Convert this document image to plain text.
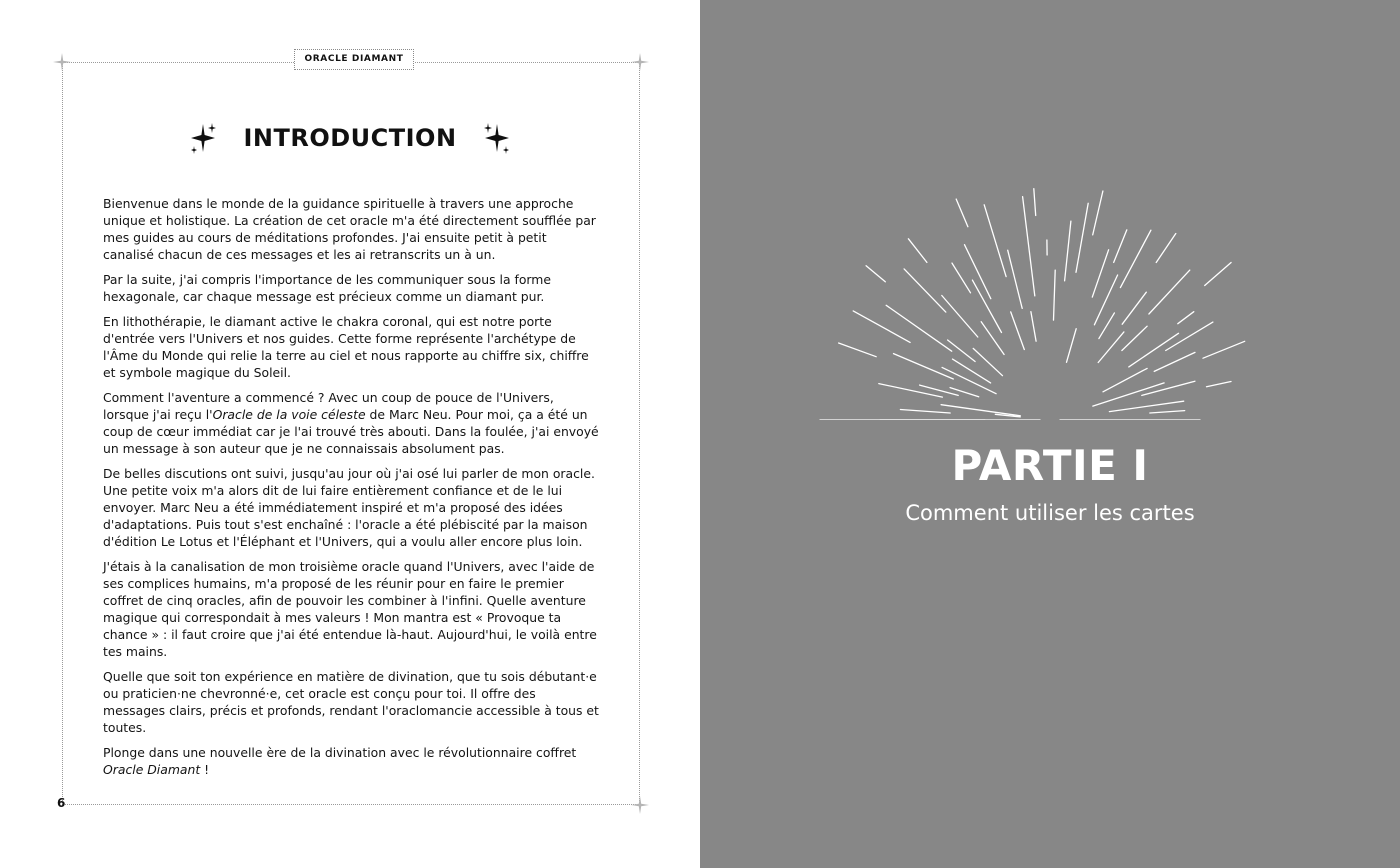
ORACLE DIAMANT
INTRODUCTION

Bienvenue dans le monde de la guidance spirituelle à travers une approche unique et holistique. La création de cet oracle m'a été directement soufflée par mes guides au cours de méditations profondes. J'ai ensuite petit à petit canalisé chacun de ces messages et les ai retranscrits un à un.

Par la suite, j'ai compris l'importance de les communiquer sous la forme hexagonale, car chaque message est précieux comme un diamant pur.

En lithothérapie, le diamant active le chakra coronal, qui est notre porte d'entrée vers l'Univers et nos guides. Cette forme représente l'archétype de l'Âme du Monde qui relie la terre au ciel et nous rapporte au chiffre six, chiffre et symbole magique du Soleil.

Comment l'aventure a commencé ? Avec un coup de pouce de l'Univers, lorsque j'ai reçu l'Oracle de la voie céleste de Marc Neu. Pour moi, ça a été un coup de cœur immédiat car je l'ai trouvé très abouti. Dans la foulée, j'ai envoyé un message à son auteur que je ne connaissais absolument pas.

De belles discutions ont suivi, jusqu'au jour où j'ai osé lui parler de mon oracle. Une petite voix m'a alors dit de lui faire entièrement confiance et de le lui envoyer. Marc Neu a été immédiatement inspiré et m'a proposé des idées d'adaptations. Puis tout s'est enchaîné : l'oracle a été plébiscité par la maison d'édition Le Lotus et l'Éléphant et l'Univers, qui a voulu aller encore plus loin.

J'étais à la canalisation de mon troisième oracle quand l'Univers, avec l'aide de ses complices humains, m'a proposé de les réunir pour en faire le premier coffret de cinq oracles, afin de pouvoir les combiner à l'infini. Quelle aventure magique qui correspondait à mes valeurs ! Mon mantra est « Provoque ta chance » : il faut croire que j'ai été entendue là-haut. Aujourd'hui, le voilà entre tes mains.

Quelle que soit ton expérience en matière de divination, que tu sois débutant·e ou praticien·ne chevronné·e, cet oracle est conçu pour toi. Il offre des messages clairs, précis et profonds, rendant l'oraclomancie accessible à tous et toutes.

Plonge dans une nouvelle ère de la divination avec le révolutionnaire coffret Oracle Diamant !

6
PARTIE I
Comment utiliser les cartes
